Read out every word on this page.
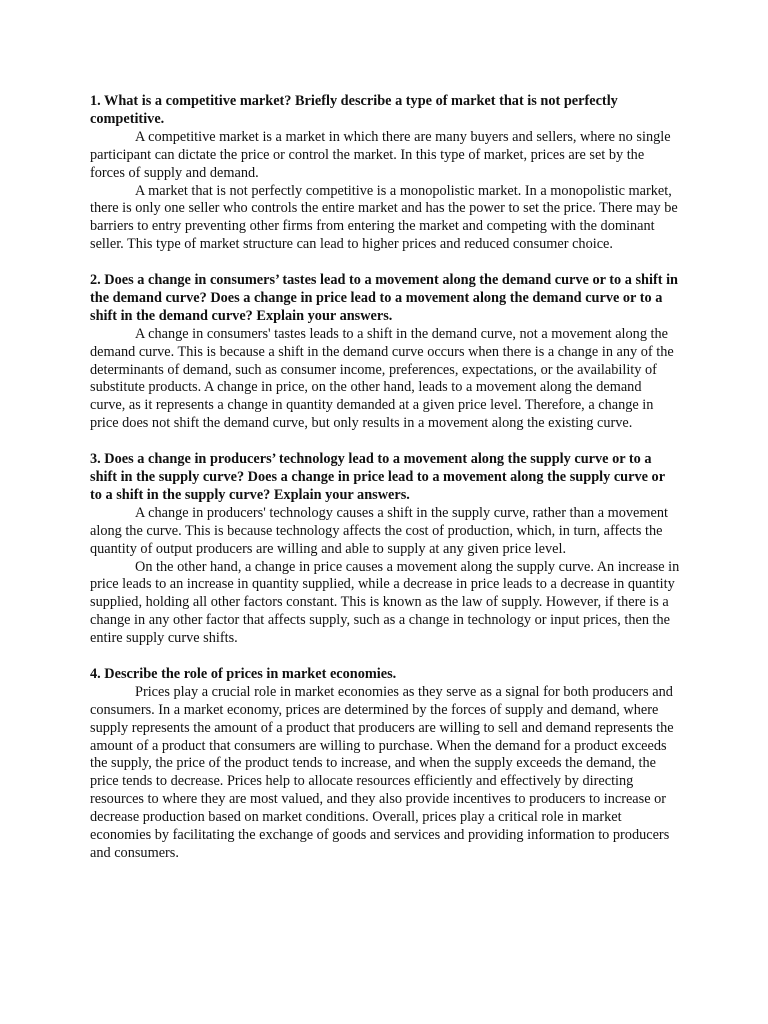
1. What is a competitive market? Briefly describe a type of market that is not perfectly competitive.

A competitive market is a market in which there are many buyers and sellers, where no single participant can dictate the price or control the market. In this type of market, prices are set by the forces of supply and demand.

A market that is not perfectly competitive is a monopolistic market. In a monopolistic market, there is only one seller who controls the entire market and has the power to set the price. There may be barriers to entry preventing other firms from entering the market and competing with the dominant seller. This type of market structure can lead to higher prices and reduced consumer choice.

2. Does a change in consumers’ tastes lead to a movement along the demand curve or to a shift in the demand curve? Does a change in price lead to a movement along the demand curve or to a shift in the demand curve? Explain your answers.

A change in consumers' tastes leads to a shift in the demand curve, not a movement along the demand curve. This is because a shift in the demand curve occurs when there is a change in any of the determinants of demand, such as consumer income, preferences, expectations, or the availability of substitute products. A change in price, on the other hand, leads to a movement along the demand curve, as it represents a change in quantity demanded at a given price level. Therefore, a change in price does not shift the demand curve, but only results in a movement along the existing curve.

3. Does a change in producers’ technology lead to a movement along the supply curve or to a shift in the supply curve? Does a change in price lead to a movement along the supply curve or to a shift in the supply curve? Explain your answers.

A change in producers' technology causes a shift in the supply curve, rather than a movement along the curve. This is because technology affects the cost of production, which, in turn, affects the quantity of output producers are willing and able to supply at any given price level.

On the other hand, a change in price causes a movement along the supply curve. An increase in price leads to an increase in quantity supplied, while a decrease in price leads to a decrease in quantity supplied, holding all other factors constant. This is known as the law of supply. However, if there is a change in any other factor that affects supply, such as a change in technology or input prices, then the entire supply curve shifts.

4. Describe the role of prices in market economies.

Prices play a crucial role in market economies as they serve as a signal for both producers and consumers. In a market economy, prices are determined by the forces of supply and demand, where supply represents the amount of a product that producers are willing to sell and demand represents the amount of a product that consumers are willing to purchase. When the demand for a product exceeds the supply, the price of the product tends to increase, and when the supply exceeds the demand, the price tends to decrease. Prices help to allocate resources efficiently and effectively by directing resources to where they are most valued, and they also provide incentives to producers to increase or decrease production based on market conditions. Overall, prices play a critical role in market economies by facilitating the exchange of goods and services and providing information to producers and consumers.
